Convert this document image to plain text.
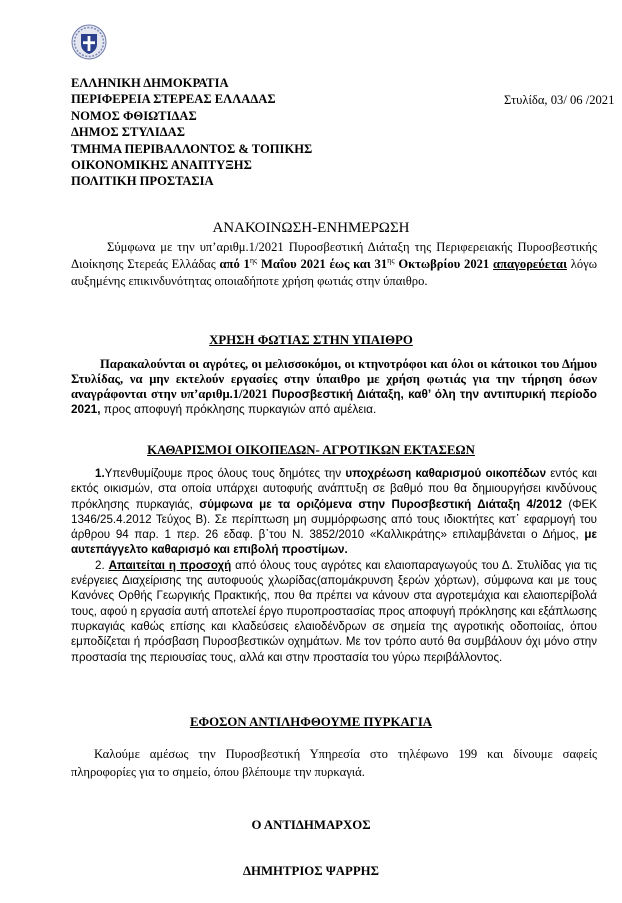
ΕΛΛΗΝΙΚΗ ΔΗΜΟΚΡΑΤΙΑ
ΠΕΡΙΦΕΡΕΙΑ ΣΤΕΡΕΑΣ ΕΛΛΑΔΑΣ
ΝΟΜΟΣ ΦΘΙΩΤΙΔΑΣ
ΔΗΜΟΣ ΣΤΥΛΙΔΑΣ
ΤΜΗΜΑ ΠΕΡΙΒΑΛΛΟΝΤΟΣ & ΤΟΠΙΚΗΣ
ΟΙΚΟΝΟΜΙΚΗΣ ΑΝΑΠΤΥΞΗΣ
ΠΟΛΙΤΙΚΗ ΠΡΟΣΤΑΣΙΑ
Στυλίδα, 03/ 06 /2021
ΑΝΑΚΟΙΝΩΣΗ-ΕΝΗΜΕΡΩΣΗ
Σύμφωνα με την υπ’αριθμ.1/2021 Πυροσβεστική Διάταξη της Περιφερειακής Πυροσβεστικής Διοίκησης Στερεάς Ελλάδας από $1^{\eta\varsigma}$ Μαΐου 2021 έως και $31^{\eta\varsigma}$ Οκτωβρίου 2021 απαγορεύεται λόγω αυξημένης επικινδυνότητας οποιαδήποτε χρήση φωτιάς στην ύπαιθρο.
ΧΡΗΣΗ ΦΩΤΙΑΣ ΣΤΗΝ ΥΠΑΙΘΡΟ
Παρακαλούνται οι αγρότες, οι μελισσοκόμοι, οι κτηνοτρόφοι και όλοι οι κάτοικοι του Δήμου Στυλίδας, να μην εκτελούν εργασίες στην ύπαιθρο με χρήση φωτιάς για την τήρηση όσων αναγράφονται στην υπ’αριθμ.1/2021 Πυροσβεστική Διάταξη, καθ’ όλη την αντιπυρική περίοδο 2021, προς αποφυγή πρόκλησης πυρκαγιών από αμέλεια.
ΚΑΘΑΡΙΣΜΟΙ ΟΙΚΟΠΕΔΩΝ- ΑΓΡΟΤΙΚΩΝ ΕΚΤΑΣΕΩΝ
1.Υπενθυμίζουμε προς όλους τους δημότες την υποχρέωση καθαρισμού οικοπέδων εντός και εκτός οικισμών, στα οποία υπάρχει αυτοφυής ανάπτυξη σε βαθμό που θα δημιουργήσει κινδύνους πρόκλησης πυρκαγιάς, σύμφωνα με τα οριζόμενα στην Πυροσβεστική Διάταξη 4/2012 (ΦΕΚ 1346/25.4.2012 Τεύχος Β). Σε περίπτωση μη συμμόρφωσης από τους ιδιοκτήτες κατ᾽ εφαρμογή του άρθρου 94 παρ. 1 περ. 26 εδαφ. β᾽του Ν. 3852/2010 «Καλλικράτης» επιλαμβάνεται ο Δήμος, με αυτεπάγγελτο καθαρισμό και επιβολή προστίμων.
2. Απαιτείται η προσοχή από όλους τους αγρότες και ελαιοπαραγωγούς του Δ. Στυλίδας για τις ενέργειες Διαχείρισης της αυτοφυούς χλωρίδας(απομάκρυνση ξερών χόρτων), σύμφωνα και με τους Κανόνες Ορθής Γεωργικής Πρακτικής, που θα πρέπει να κάνουν στα αγροτεμάχια και ελαιοπερίβολά τους, αφού η εργασία αυτή αποτελεί έργο πυροπροστασίας προς αποφυγή πρόκλησης και εξάπλωσης πυρκαγιάς καθώς επίσης και κλαδεύσεις ελαιοδένδρων σε σημεία της αγροτικής οδοποιίας, όπου εμποδίζεται ή πρόσβαση Πυροσβεστικών οχημάτων. Με τον τρόπο αυτό θα συμβάλουν όχι μόνο στην προστασία της περιουσίας τους, αλλά και στην προστασία του γύρω περιβάλλοντος.
ΕΦΟΣΟΝ ΑΝΤΙΛΗΦΘΟΥΜΕ ΠΥΡΚΑΓΙΑ
Καλούμε αμέσως την Πυροσβεστική Υπηρεσία στο τηλέφωνο 199 και δίνουμε σαφείς πληροφορίες για το σημείο, όπου βλέπουμε την πυρκαγιά.
Ο ΑΝΤΙΔΗΜΑΡΧΟΣ
ΔΗΜΗΤΡΙΟΣ ΨΑΡΡΗΣ
